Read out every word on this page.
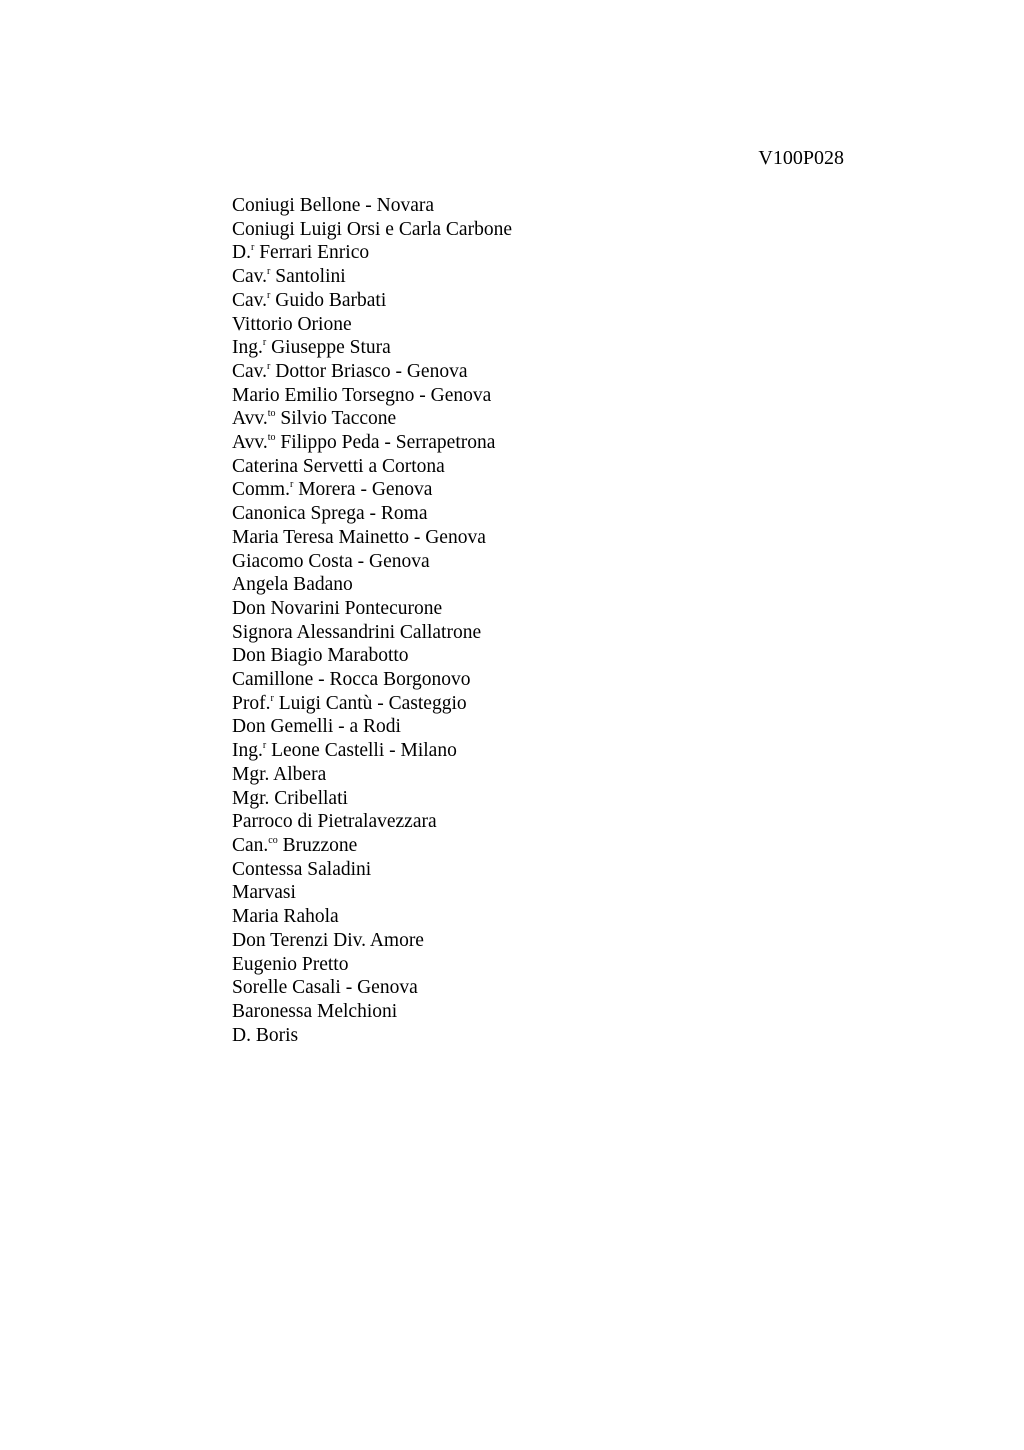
V100P028
Coniugi Bellone - Novara
Coniugi Luigi Orsi e Carla Carbone
D.$^r$ Ferrari Enrico
Cav.$^r$ Santolini
Cav.$^r$ Guido Barbati
Vittorio Orione
Ing.$^r$ Giuseppe Stura
Cav.$^r$ Dottor Briasco - Genova
Mario Emilio Torsegno - Genova
Avv.$^{to}$ Silvio Taccone
Avv.$^{to}$ Filippo Peda - Serrapetrona
Caterina Servetti a Cortona
Comm.$^r$ Morera - Genova
Canonica Sprega - Roma
Maria Teresa Mainetto - Genova
Giacomo Costa - Genova
Angela Badano
Don Novarini Pontecurone
Signora Alessandrini Callatrone
Don Biagio Marabotto
Camillone - Rocca Borgonovo
Prof.$^r$ Luigi Cantù - Casteggio
Don Gemelli - a Rodi
Ing.$^r$ Leone Castelli - Milano
Mgr. Albera
Mgr. Cribellati
Parroco di Pietralavezzara
Can.$^{co}$ Bruzzone
Contessa Saladini
Marvasi
Maria Rahola
Don Terenzi Div. Amore
Eugenio Pretto
Sorelle Casali - Genova
Baronessa Melchioni
D. Boris
